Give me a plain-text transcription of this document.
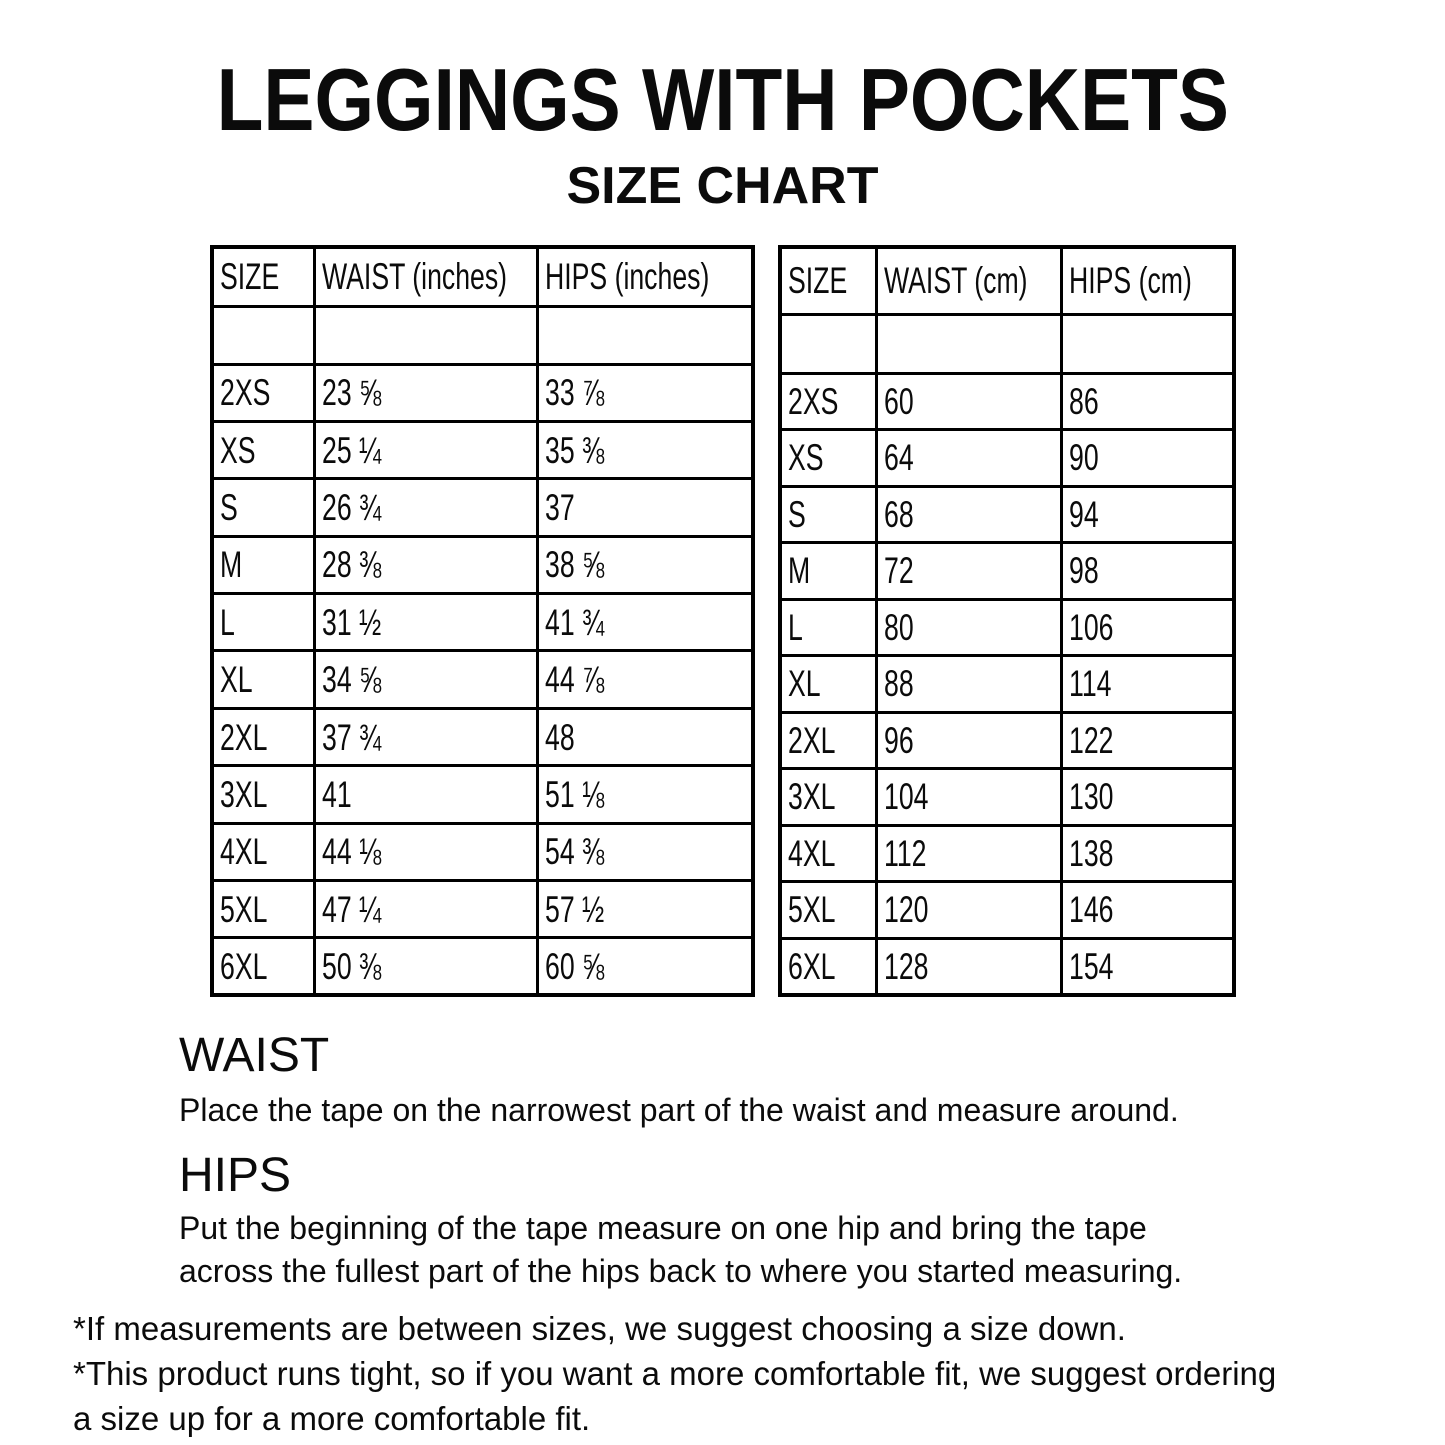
LEGGINGS WITH POCKETS
SIZE CHART
SIZE	WAIST (inches)	HIPS (inches)

2XS	23 ⅝	33 ⅞
XS	25 ¼	35 ⅜
S	26 ¾	37
M	28 ⅜	38 ⅝
L	31 ½	41 ¾
XL	34 ⅝	44 ⅞
2XL	37 ¾	48
3XL	41	51 ⅛
4XL	44 ⅛	54 ⅜
5XL	47 ¼	57 ½
6XL	50 ⅜	60 ⅝
SIZE	WAIST (cm)	HIPS (cm)

2XS	60	86
XS	64	90
S	68	94
M	72	98
L	80	106
XL	88	114
2XL	96	122
3XL	104	130
4XL	112	138
5XL	120	146
6XL	128	154
WAIST
Place the tape on the narrowest part of the waist and measure around.
HIPS
Put the beginning of the tape measure on one hip and bring the tape
across the fullest part of the hips back to where you started measuring.
*If measurements are between sizes, we suggest choosing a size down.
*This product runs tight, so if you want a more comfortable fit, we suggest ordering
a size up for a more comfortable fit.
